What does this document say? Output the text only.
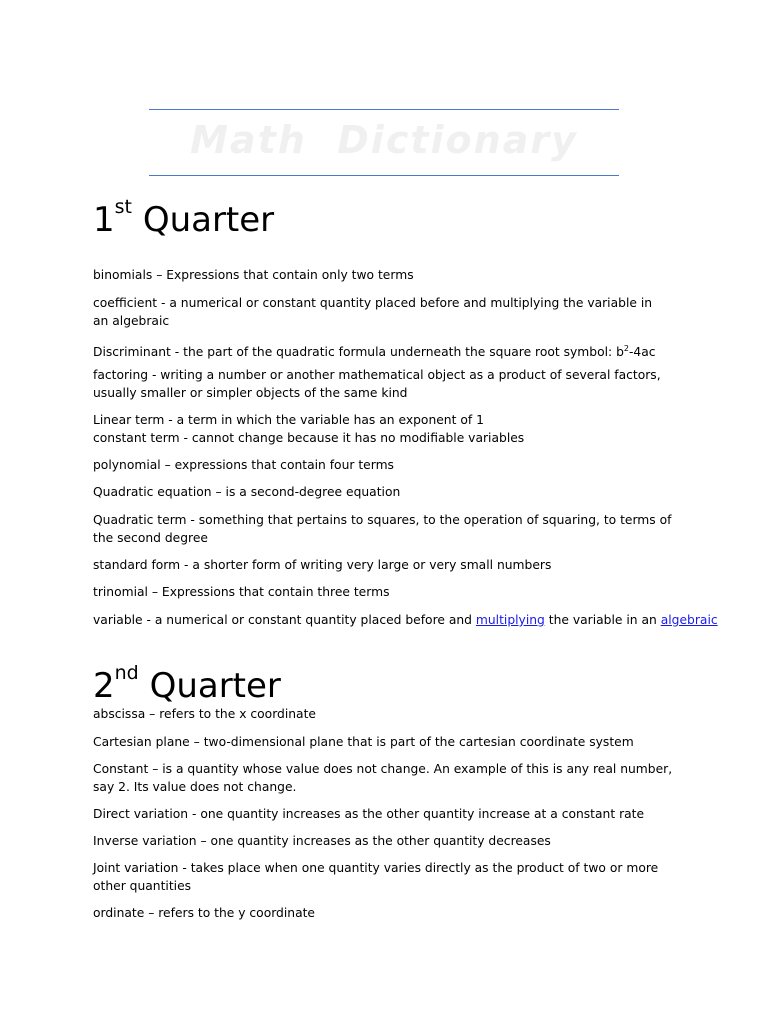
Math  Dictionary
1st Quarter
binomials – Expressions that contain only two terms
coefficient - a numerical or constant quantity placed before and multiplying the variable in
an algebraic
Discriminant - the part of the quadratic formula underneath the square root symbol: $b^2-4ac$
factoring - writing a number or another mathematical object as a product of several factors, usually smaller or simpler objects of the same kind
Linear term - a term in which the variable has an exponent of 1
constant term - cannot change because it has no modifiable variables
polynomial – expressions that contain four terms
Quadratic equation – is a second-degree equation
Quadratic term - something that pertains to squares, to the operation of squaring, to terms of the second degree
standard form - a shorter form of writing very large or very small numbers
trinomial – Expressions that contain three terms
variable - a numerical or constant quantity placed before and multiplying the variable in an algebraic
2nd Quarter
abscissa – refers to the x coordinate
Cartesian plane – two-dimensional plane that is part of the cartesian coordinate system
Constant – is a quantity whose value does not change. An example of this is any real number, say 2. Its value does not change.
Direct variation - one quantity increases as the other quantity increase at a constant rate
Inverse variation – one quantity increases as the other quantity decreases
Joint variation - takes place when one quantity varies directly as the product of two or more other quantities
ordinate – refers to the y coordinate
